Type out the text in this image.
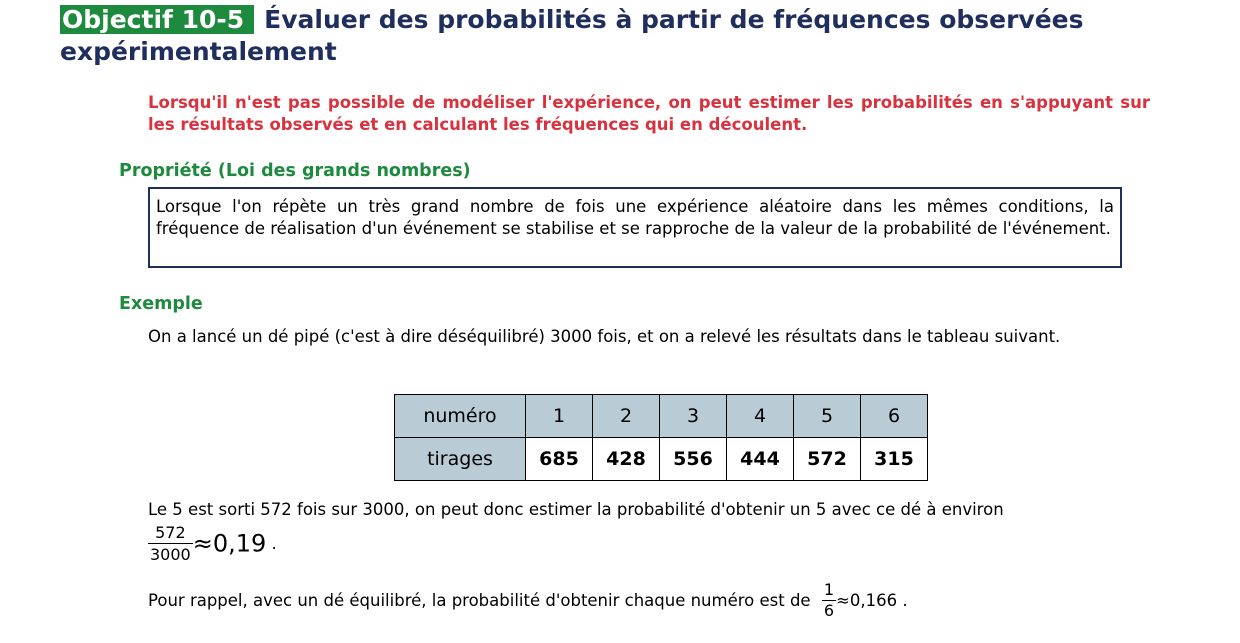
Objectif 10-5 Évaluer des probabilités à partir de fréquences observées expérimentalement
Lorsqu'il n'est pas possible de modéliser l'expérience, on peut estimer les probabilités en s'appuyant sur les résultats observés et en calculant les fréquences qui en découlent.
Propriété (Loi des grands nombres)
Lorsque l'on répète un très grand nombre de fois une expérience aléatoire dans les mêmes conditions, la fréquence de réalisation d'un événement se stabilise et se rapproche de la valeur de la probabilité de l'événement.
Exemple
On a lancé un dé pipé (c'est à dire déséquilibré) 3000 fois, et on a relevé les résultats dans le tableau suivant.
numéro	1	2	3	4	5	6
tirages	685	428	556	444	572	315
Le 5 est sorti 572 fois sur 3000, on peut donc estimer la probabilité d'obtenir un 5 avec ce dé à environ
$\frac{572}{3000} \approx 0,19$ .
Pour rappel, avec un dé équilibré, la probabilité d'obtenir chaque numéro est de $\frac{1}{6} \approx 0,166$ .
